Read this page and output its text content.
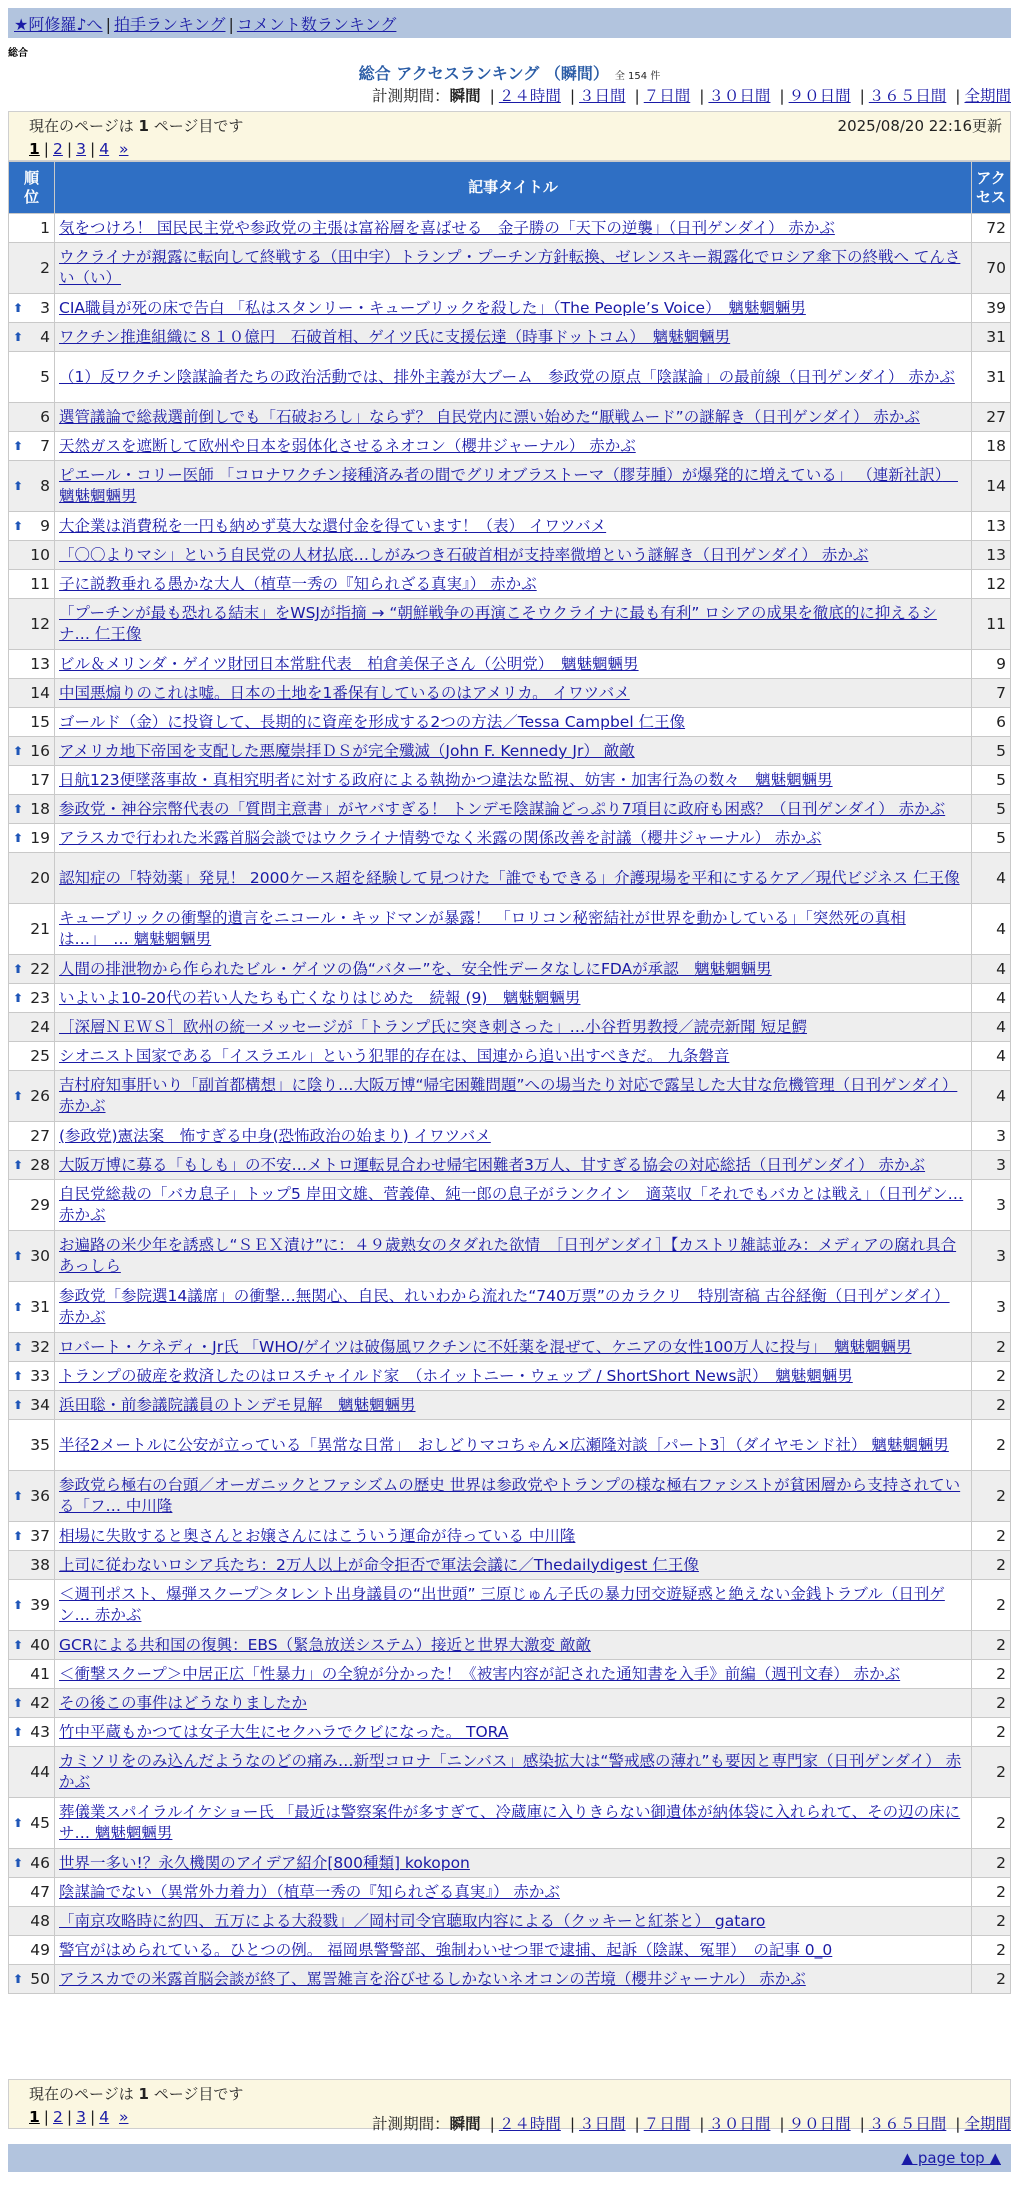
★阿修羅♪へ | 拍手ランキング | コメント数ランキング
総合
総合 アクセスランキング （瞬間） 全 154 件
計測期間：瞬間 | ２４時間 | ３日間 | ７日間 | ３０日間 | ９０日間 | ３６５日間 | 全期間
現在のページは 1 ページ目です	2025/08/20 22:16更新
1 | 2 | 3 | 4 »
順位	記事タイトル	アクセス
1	気をつけろ！ 国民民主党や参政党の主張は富裕層を喜ばせる　金子勝の「天下の逆襲」（日刊ゲンダイ） 赤かぶ	72
2	ウクライナが親露に転向して終戦する（田中宇）トランプ・プーチン方針転換、ゼレンスキー親露化でロシア傘下の終戦へ てんさい（い）	70

⬆ 3	CIA職員が死の床で告白 「私はスタンリー・キューブリックを殺した」（The People’s Voice）　魑魅魍魎男	39

⬆ 4	ワクチン推進組織に８１０億円　石破首相、ゲイツ氏に支援伝達（時事ドットコム）　魑魅魍魎男	31
5	（1）反ワクチン陰謀論者たちの政治活動では、排外主義が大ブーム　参政党の原点「陰謀論」の最前線（日刊ゲンダイ） 赤かぶ	31
6	選管議論で総裁選前倒しでも「石破おろし」ならず？ 自民党内に漂い始めた“厭戦ムード”の謎解き（日刊ゲンダイ） 赤かぶ	27

⬆ 7	天然ガスを遮断して欧州や日本を弱体化させるネオコン（櫻井ジャーナル） 赤かぶ	18

⬆ 8	ピエール・コリー医師 「コロナワクチン接種済み者の間でグリオブラストーマ（膠芽腫）が爆発的に増えている」 （連新社訳）　魑魅魍魎男	14

⬆ 9	大企業は消費税を一円も納めず莫大な還付金を得ています！（表） イワツバメ	13
10	「〇〇よりマシ」という自民党の人材払底…しがみつき石破首相が支持率微増という謎解き（日刊ゲンダイ） 赤かぶ	13
11	子に説教垂れる愚かな大人（植草一秀の『知られざる真実』） 赤かぶ	12
12	「プーチンが最も恐れる結末」をWSJが指摘 → “朝鮮戦争の再演こそウクライナに最も有利” ロシアの成果を徹底的に抑えるシナ… 仁王像	11
13	ビル＆メリンダ・ゲイツ財団日本常駐代表　柏倉美保子さん（公明党）　魑魅魍魎男	9
14	中国悪煽りのこれは嘘。日本の土地を1番保有しているのはアメリカ。 イワツバメ	7
15	ゴールド（金）に投資して、長期的に資産を形成する2つの方法／Tessa Campbel 仁王像	6

⬆ 16	アメリカ地下帝国を支配した悪魔崇拝ＤＳが完全殲滅（John F. Kennedy Jr） 敵敵	5
17	日航123便墜落事故・真相究明者に対する政府による執拗かつ違法な監視、妨害・加害行為の数々　魑魅魍魎男	5

⬆ 18	参政党・神谷宗幣代表の「質問主意書」がヤバすぎる！ トンデモ陰謀論どっぷり7項目に政府も困惑？（日刊ゲンダイ） 赤かぶ	5

⬆ 19	アラスカで行われた米露首脳会談ではウクライナ情勢でなく米露の関係改善を討議（櫻井ジャーナル） 赤かぶ	5
20	認知症の「特効薬」発見！ 2000ケース超を経験して見つけた「誰でもできる」介護現場を平和にするケア／現代ビジネス 仁王像	4
21	キューブリックの衝撃的遺言をニコール・キッドマンが暴露！ 「ロリコン秘密結社が世界を動かしている」「突然死の真相は…」　… 魑魅魍魎男	4

⬆ 22	人間の排泄物から作られたビル・ゲイツの偽“バター”を、安全性データなしにFDAが承認　魑魅魍魎男	4

⬆ 23	いよいよ10-20代の若い人たちも亡くなりはじめた　続報 (9)　魑魅魍魎男	4
24	［深層ＮＥＷＳ］欧州の統一メッセージが「トランプ氏に突き刺さった」…小谷哲男教授／読売新聞 短足鰐	4
25	シオニスト国家である「イスラエル」という犯罪的存在は、国連から追い出すべきだ。 九条磐音	4

⬆ 26	吉村府知事肝いり「副首都構想」に陰り…大阪万博“帰宅困難問題”への場当たり対応で露呈した大甘な危機管理（日刊ゲンダイ） 赤かぶ	4
27	(参政党)憲法案　怖すぎる中身(恐怖政治の始まり) イワツバメ	3

⬆ 28	大阪万博に募る「もしも」の不安…メトロ運転見合わせ帰宅困難者3万人、甘すぎる協会の対応総括（日刊ゲンダイ） 赤かぶ	3
29	自民党総裁の「バカ息子」トップ5 岸田文雄、菅義偉、純一郎の息子がランクイン　適菜収「それでもバカとは戦え」（日刊ゲン… 赤かぶ	3

⬆ 30	お遍路の米少年を誘惑し“ＳＥＸ漬け”に：４９歳熟女のタダれた欲情　［日刊ゲンダイ］【カストリ雑誌並み：メディアの腐れ具合 あっしら	3

⬆ 31	参政党「参院選14議席」の衝撃…無関心、自民、れいわから流れた“740万票”のカラクリ　特別寄稿 古谷経衡（日刊ゲンダイ） 赤かぶ	3

⬆ 32	ロバート・ケネディ・Jr氏 「WHO/ゲイツは破傷風ワクチンに不妊薬を混ぜて、ケニアの女性100万人に投与」　魑魅魍魎男	2

⬆ 33	トランプの破産を救済したのはロスチャイルド家　（ホイットニー・ウェッブ / ShortShort News訳）　魑魅魍魎男	2

⬆ 34	浜田聡・前参議院議員のトンデモ見解　魑魅魍魎男	2
35	半径2メートルに公安が立っている「異常な日常」　おしどりマコちゃん×広瀬隆対談［パート3］（ダイヤモンド社） 魑魅魍魎男	2

⬆ 36	参政党ら極右の台頭／オーガニックとファシズムの歴史 世界は参政党やトランプの様な極右ファシストが貧困層から支持されている「フ… 中川隆	2

⬆ 37	相場に失敗すると奥さんとお嬢さんにはこういう運命が待っている 中川隆	2
38	上司に従わないロシア兵たち：2万人以上が命令拒否で軍法会議に／Thedailydigest 仁王像	2

⬆ 39	＜週刊ポスト、爆弾スクープ＞タレント出身議員の“出世頭” 三原じゅん子氏の暴力団交遊疑惑と絶えない金銭トラブル（日刊ゲン… 赤かぶ	2

⬆ 40	GCRによる共和国の復興：EBS（緊急放送システム）接近と世界大激変 敵敵	2
41	＜衝撃スクープ＞中居正広「性暴力」の全貌が分かった！《被害内容が記された通知書を入手》前編（週刊文春） 赤かぶ	2

⬆ 42	その後この事件はどうなりましたか	2

⬆ 43	竹中平蔵もかつては女子大生にセクハラでクビになった。 TORA	2
44	カミソリをのみ込んだようなのどの痛み…新型コロナ「ニンバス」感染拡大は“警戒感の薄れ”も要因と専門家（日刊ゲンダイ） 赤かぶ	2

⬆ 45	葬儀業スパイラルイケショー氏 「最近は警察案件が多すぎて、冷蔵庫に入りきらない御遺体が納体袋に入れられて、その辺の床にサ… 魑魅魍魎男	2

⬆ 46	世界一多い!？永久機関のアイデア紹介[800種類] kokopon	2
47	陰謀論でない（異常外力着力）（植草一秀の『知られざる真実』） 赤かぶ	2
48	「南京攻略時に約四、五万による大殺戮」／岡村司令官聴取内容による（クッキーと紅茶と） gataro	2
49	警官がはめられている。ひとつの例。 福岡県警警部、強制わいせつ罪で逮捕、起訴（陰謀、冤罪）　の記事 0_0	2

⬆ 50	アラスカでの米露首脳会談が終了、罵詈雑言を浴びせるしかないネオコンの苦境（櫻井ジャーナル） 赤かぶ	2
現在のページは 1 ページ目です
1 | 2 | 3 | 4 »	計測期間：瞬間 | ２４時間 | ３日間 | ７日間 | ３０日間 | ９０日間 | ３６５日間 | 全期間
▲ page top ▲
